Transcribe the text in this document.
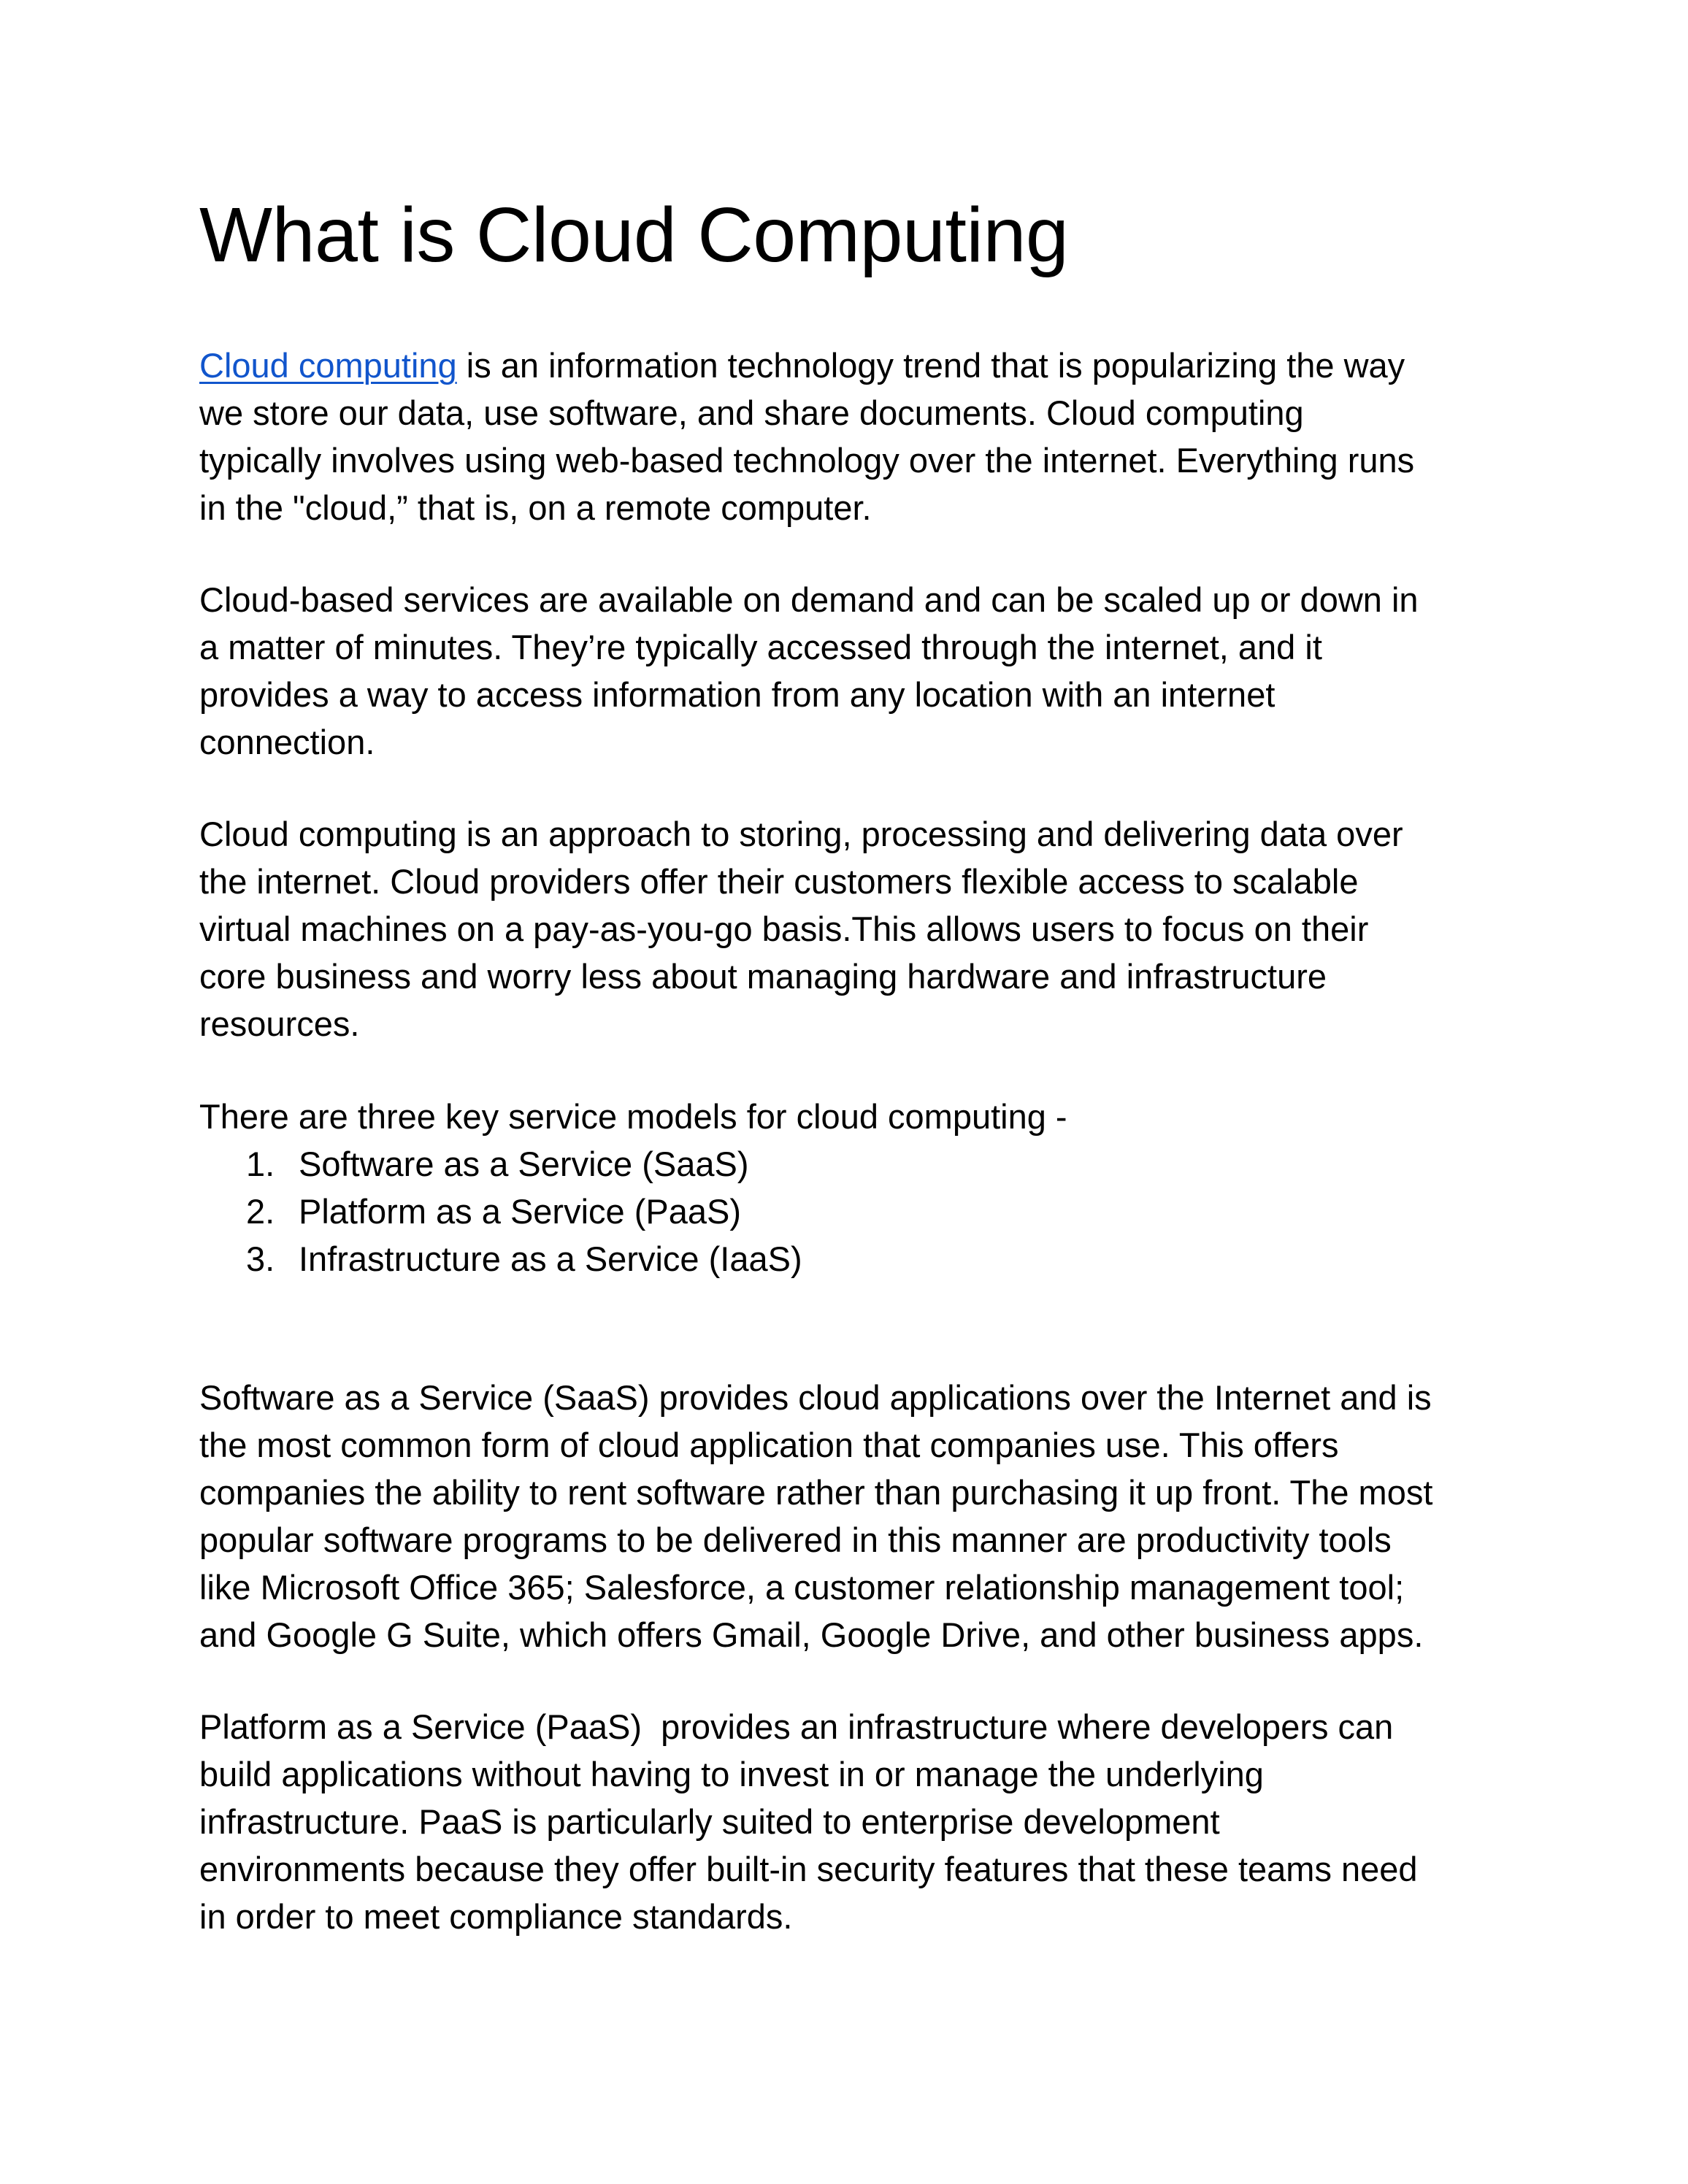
What is Cloud Computing

Cloud computing is an information technology trend that is popularizing the way
we store our data, use software, and share documents. Cloud computing
typically involves using web-based technology over the internet. Everything runs
in the "cloud,” that is, on a remote computer.

Cloud-based services are available on demand and can be scaled up or down in
a matter of minutes. They’re typically accessed through the internet, and it
provides a way to access information from any location with an internet
connection.

Cloud computing is an approach to storing, processing and delivering data over
the internet. Cloud providers offer their customers flexible access to scalable
virtual machines on a pay-as-you-go basis.This allows users to focus on their
core business and worry less about managing hardware and infrastructure
resources.

There are three key service models for cloud computing -

1. Software as a Service (SaaS)
2. Platform as a Service (PaaS)
3. Infrastructure as a Service (IaaS)

Software as a Service (SaaS) provides cloud applications over the Internet and is
the most common form of cloud application that companies use. This offers
companies the ability to rent software rather than purchasing it up front. The most
popular software programs to be delivered in this manner are productivity tools
like Microsoft Office 365; Salesforce, a customer relationship management tool;
and Google G Suite, which offers Gmail, Google Drive, and other business apps.

Platform as a Service (PaaS)  provides an infrastructure where developers can
build applications without having to invest in or manage the underlying
infrastructure. PaaS is particularly suited to enterprise development
environments because they offer built-in security features that these teams need
in order to meet compliance standards.
